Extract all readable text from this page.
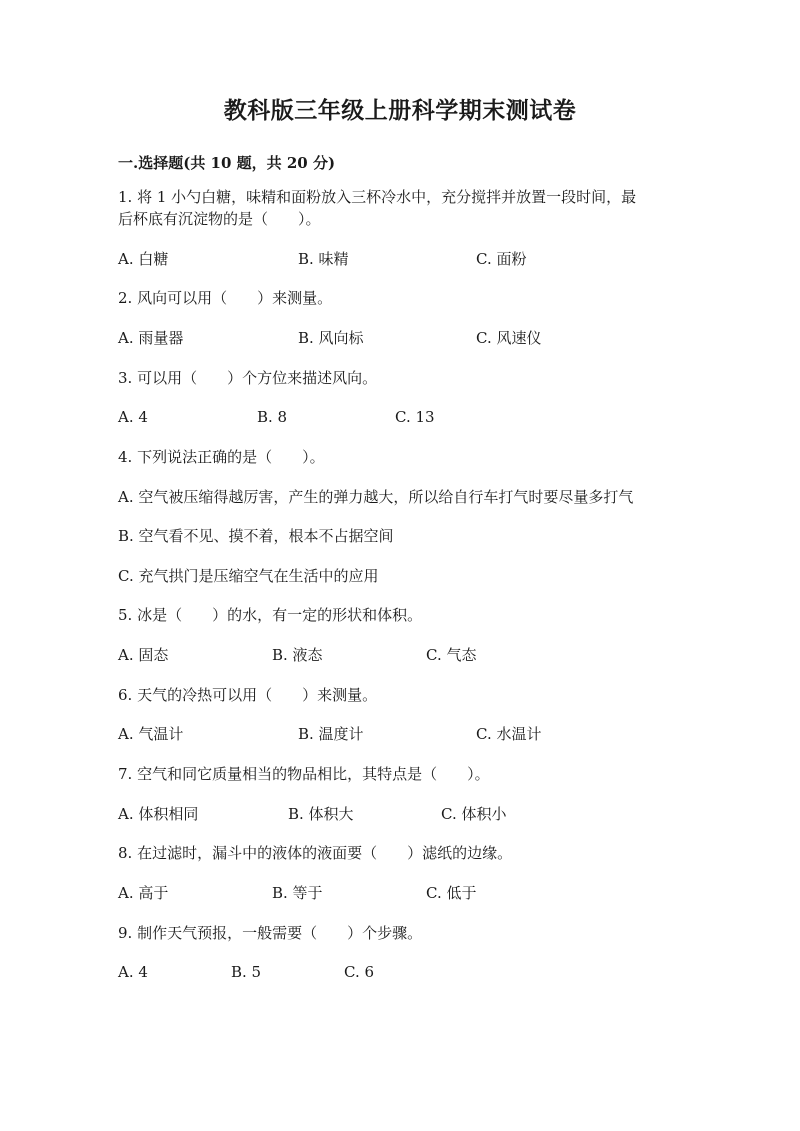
教科版三年级上册科学期末测试卷
一.选择题(共 10 题，共 20 分)

1. 将 1 小勺白糖，味精和面粉放入三杯冷水中，充分搅拌并放置一段时间，最

后杯底有沉淀物的是（　　）。

A. 白糖	B. 味精	C. 面粉

2. 风向可以用（　　）来测量。

A. 雨量器	B. 风向标	C. 风速仪

3. 可以用（　　）个方位来描述风向。

A. 4	B. 8	C. 13

4. 下列说法正确的是（　　）。

A. 空气被压缩得越厉害，产生的弹力越大，所以给自行车打气时要尽量多打气

B. 空气看不见、摸不着，根本不占据空间

C. 充气拱门是压缩空气在生活中的应用

5. 冰是（　　）的水，有一定的形状和体积。

A. 固态	B. 液态	C. 气态

6. 天气的冷热可以用（　　）来测量。

A. 气温计	B. 温度计	C. 水温计

7. 空气和同它质量相当的物品相比，其特点是（　　）。

A. 体积相同	B. 体积大	C. 体积小

8. 在过滤时，漏斗中的液体的液面要（　　）滤纸的边缘。

A. 高于	B. 等于	C. 低于

9. 制作天气预报，一般需要（　　）个步骤。

A. 4	B. 5	C. 6
